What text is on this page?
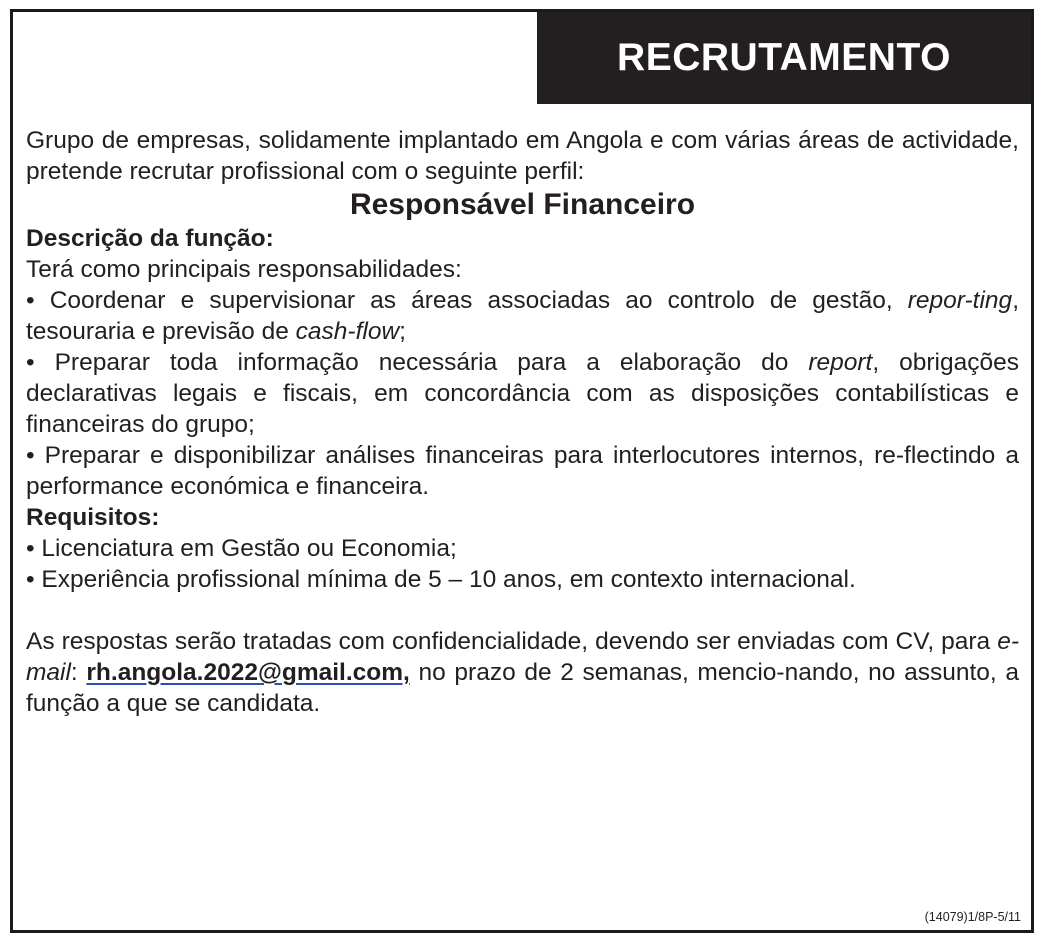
RECRUTAMENTO

Grupo de empresas, solidamente implantado em Angola e com várias áreas de actividade, pretende recrutar profissional com o seguinte perfil:

Responsável Financeiro

Descrição da função:

Terá como principais responsabilidades:

• Coordenar e supervisionar as áreas associadas ao controlo de gestão, repor-ting, tesouraria e previsão de cash-flow;

• Preparar toda informação necessária para a elaboração do report, obrigações declarativas legais e fiscais, em concordância com as disposições contabilísticas e financeiras do grupo;

• Preparar e disponibilizar análises financeiras para interlocutores internos, re-flectindo a performance económica e financeira.

Requisitos:

• Licenciatura em Gestão ou Economia;

• Experiência profissional mínima de 5 – 10 anos, em contexto internacional.

As respostas serão tratadas com confidencialidade, devendo ser enviadas com CV, para e-mail: rh.angola.2022@gmail.com, no prazo de 2 semanas, mencio-nando, no assunto, a função a que se candidata.

(14079)1/8P-5/11
